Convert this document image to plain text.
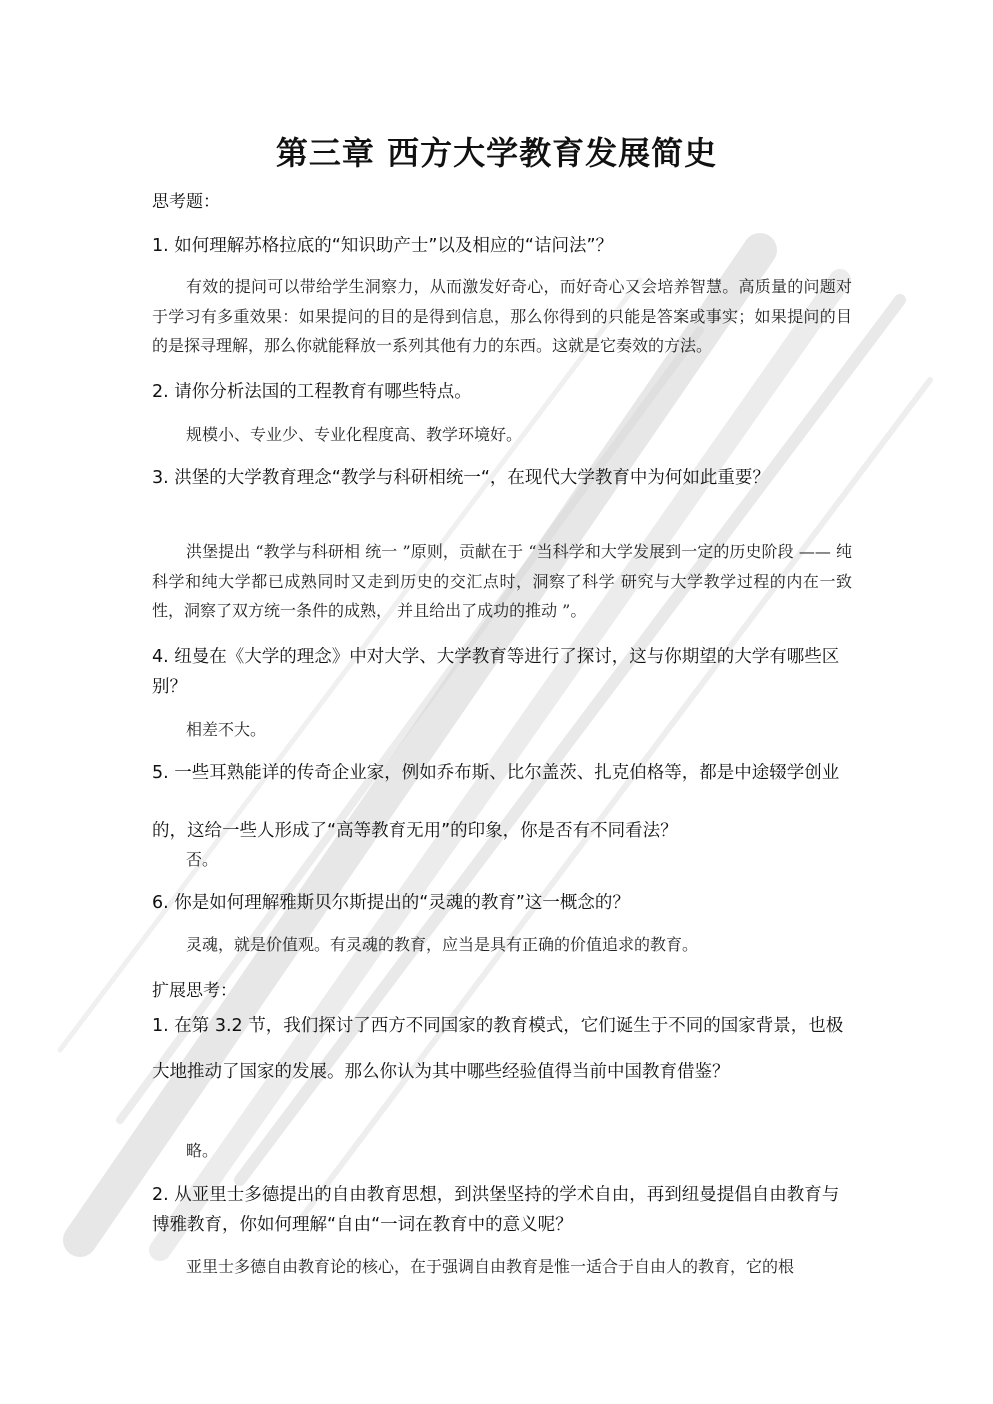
第三章 西方大学教育发展简史
思考题：
1. 如何理解苏格拉底的“知识助产士”以及相应的“诘问法”？
有效的提问可以带给学生洞察力，从而激发好奇心，而好奇心又会培养智慧。高质量的问题对于学习有多重效果：如果提问的目的是得到信息，那么你得到的只能是答案或事实；如果提问的目的是探寻理解，那么你就能释放一系列其他有力的东西。这就是它奏效的方法。
2. 请你分析法国的工程教育有哪些特点。
规模小、专业少、专业化程度高、教学环境好。
3. 洪堡的大学教育理念“教学与科研相统一“，在现代大学教育中为何如此重要？
洪堡提出 “教学与科研相 统一 ”原则，贡献在于 “当科学和大学发展到一定的历史阶段 —— 纯科学和纯大学都已成熟同时又走到历史的交汇点时，洞察了科学 研究与大学教学过程的内在一致性，洞察了双方统一条件的成熟， 并且给出了成功的推动 ”。
4. 纽曼在《大学的理念》中对大学、大学教育等进行了探讨，这与你期望的大学有哪些区别？
相差不大。
5. 一些耳熟能详的传奇企业家，例如乔布斯、比尔盖茨、扎克伯格等，都是中途辍学创业的，这给一些人形成了“高等教育无用”的印象，你是否有不同看法？
否。
6. 你是如何理解雅斯贝尔斯提出的“灵魂的教育”这一概念的？
灵魂，就是价值观。有灵魂的教育，应当是具有正确的价值追求的教育。
扩展思考：
1. 在第 3.2 节，我们探讨了西方不同国家的教育模式，它们诞生于不同的国家背景，也极大地推动了国家的发展。那么你认为其中哪些经验值得当前中国教育借鉴？
略。
2. 从亚里士多德提出的自由教育思想，到洪堡坚持的学术自由，再到纽曼提倡自由教育与博雅教育，你如何理解“自由“一词在教育中的意义呢？
亚里士多德自由教育论的核心，在于强调自由教育是惟一适合于自由人的教育，它的根
